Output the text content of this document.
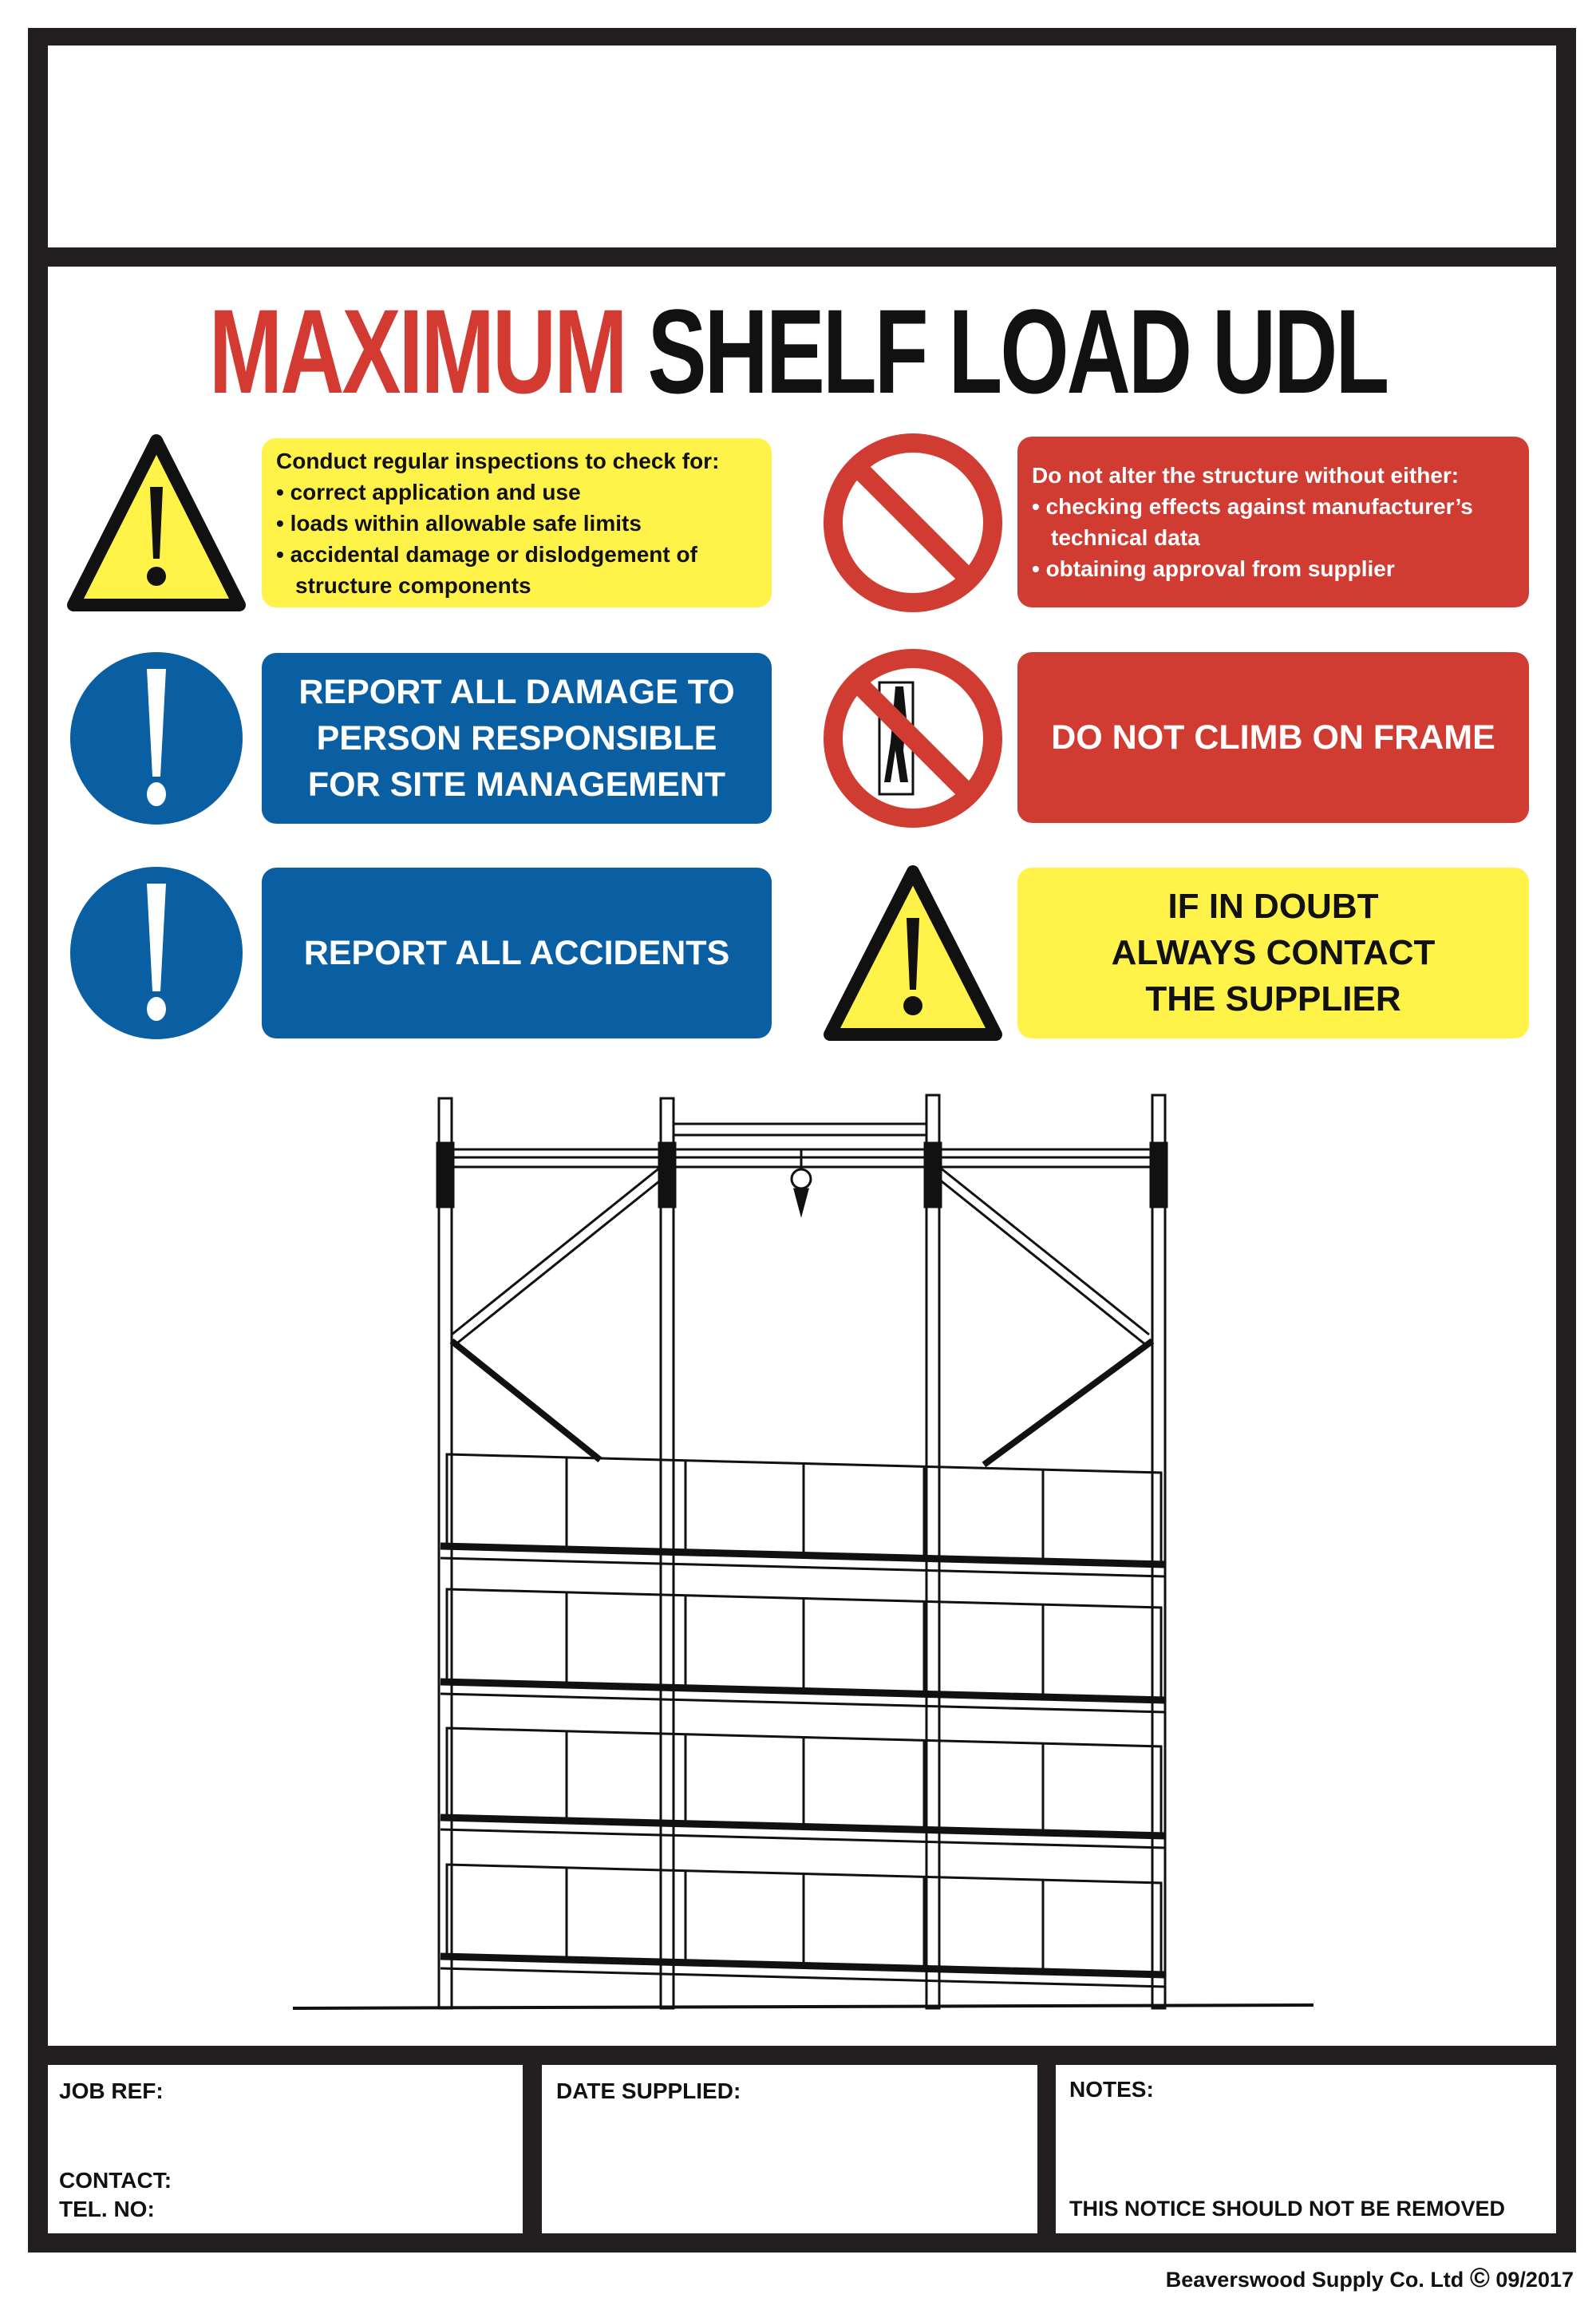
MAXIMUM SHELF LOAD UDL
Conduct regular inspections to check for:
• correct application and use
• loads within allowable safe limits
• accidental damage or dislodgement of
structure components
Do not alter the structure without either:
• checking effects against manufacturer’s
technical data
• obtaining approval from supplier
REPORT ALL DAMAGE TO
PERSON RESPONSIBLE
FOR SITE MANAGEMENT
DO NOT CLIMB ON FRAME
REPORT ALL ACCIDENTS
IF IN DOUBT
ALWAYS CONTACT
THE SUPPLIER
JOB REF:
CONTACT:
TEL. NO:
DATE SUPPLIED:	NOTES:
THIS NOTICE SHOULD NOT BE REMOVED
Beaverswood Supply Co. Ltd © 09/2017
